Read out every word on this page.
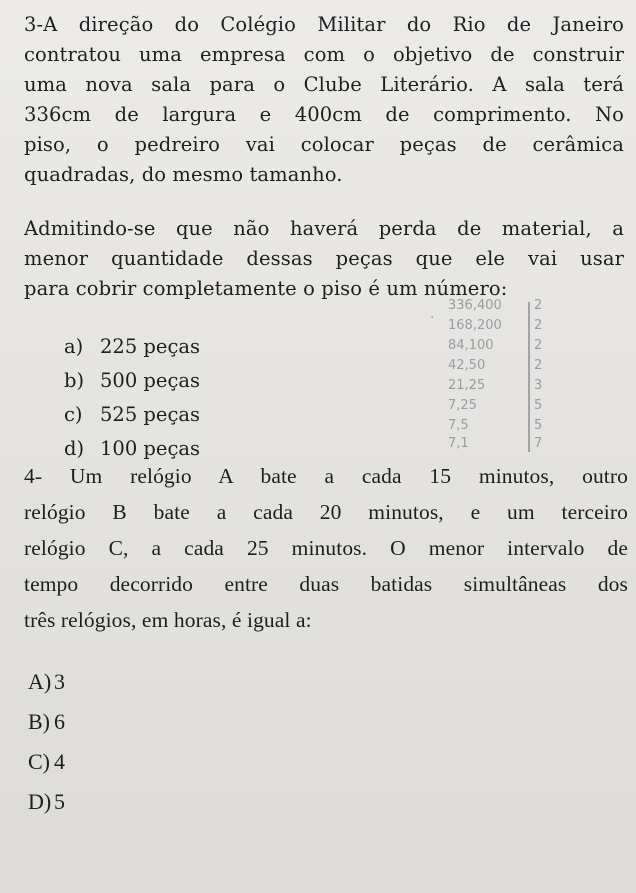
3-A direção do Colégio Militar do Rio de Janeiro
contratou uma empresa com o objetivo de construir
uma nova sala para o Clube Literário. A sala terá
336cm de largura e 400cm de comprimento. No
piso, o pedreiro vai colocar peças de cerâmica
quadradas, do mesmo tamanho.
Admitindo-se que não haverá perda de material, a
menor quantidade dessas peças que ele vai usar
para cobrir completamente o piso é um número:
a) 225 peças
b) 500 peças
c) 525 peças
d) 100 peças
·
336,400 2
168,200 2
84,100	2
42,50	2
21,25	3
7,25	5
7,5	5
7,1	7
4- Um relógio A bate a cada 15 minutos, outro
relógio B bate a cada 20 minutos, e um terceiro
relógio C, a cada 25 minutos. O menor intervalo de
tempo decorrido entre duas batidas simultâneas dos
três relógios, em horas, é igual a:
A) 3
B) 6
C) 4
D) 5
